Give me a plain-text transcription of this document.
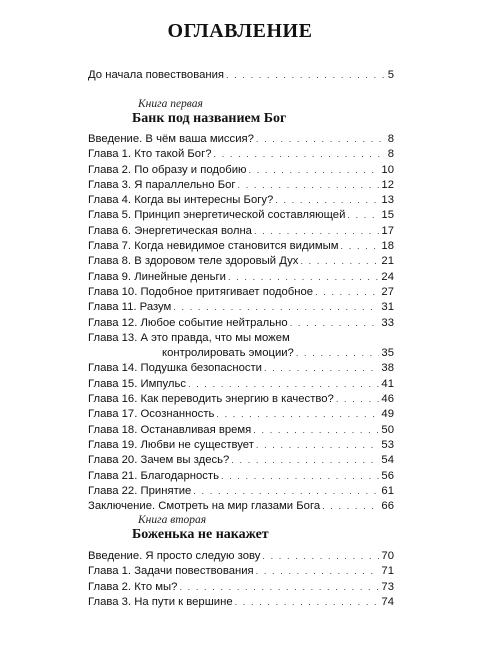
ОГЛАВЛЕНИЕ
До начала повествования . . .	5
Книга первая
Банк под названием Бог
Введение. В чём ваша миссия? . . .	8
Глава 1. Кто такой Бог? . . .	8
Глава 2. По образу и подобию . . .	10
Глава 3. Я параллельно Бог . . .	12
Глава 4. Когда вы интересны Богу? . . .	13
Глава 5. Принцип энергетической составляющей . . .	15
Глава 6. Энергетическая волна . . .	17
Глава 7. Когда невидимое становится видимым . . .	18
Глава 8. В здоровом теле здоровый Дух . . .	21
Глава 9. Линейные деньги . . .	24
Глава 10. Подобное притягивает подобное . . .	27
Глава 11. Разум . . .	31
Глава 12. Любое событие нейтрально . . .	33
Глава 13. А это правда, что мы можем
контролировать эмоции? . . .	35
Глава 14. Подушка безопасности . . .	38
Глава 15. Импульс . . .	41
Глава 16. Как переводить энергию в качество? . . .	46
Глава 17. Осознанность . . .	49
Глава 18. Останавливая время . . .	50
Глава 19. Любви не существует . . .	53
Глава 20. Зачем вы здесь? . . .	54
Глава 21. Благодарность . . .	56
Глава 22. Принятие . . .	61
Заключение. Смотреть на мир глазами Бога . . .	66
Книга вторая
Боженька не накажет
Введение. Я просто следую зову . . .	70
Глава 1. Задачи повествования . . .	71
Глава 2. Кто мы? . . .	73
Глава 3. На пути к вершине . . .	74
